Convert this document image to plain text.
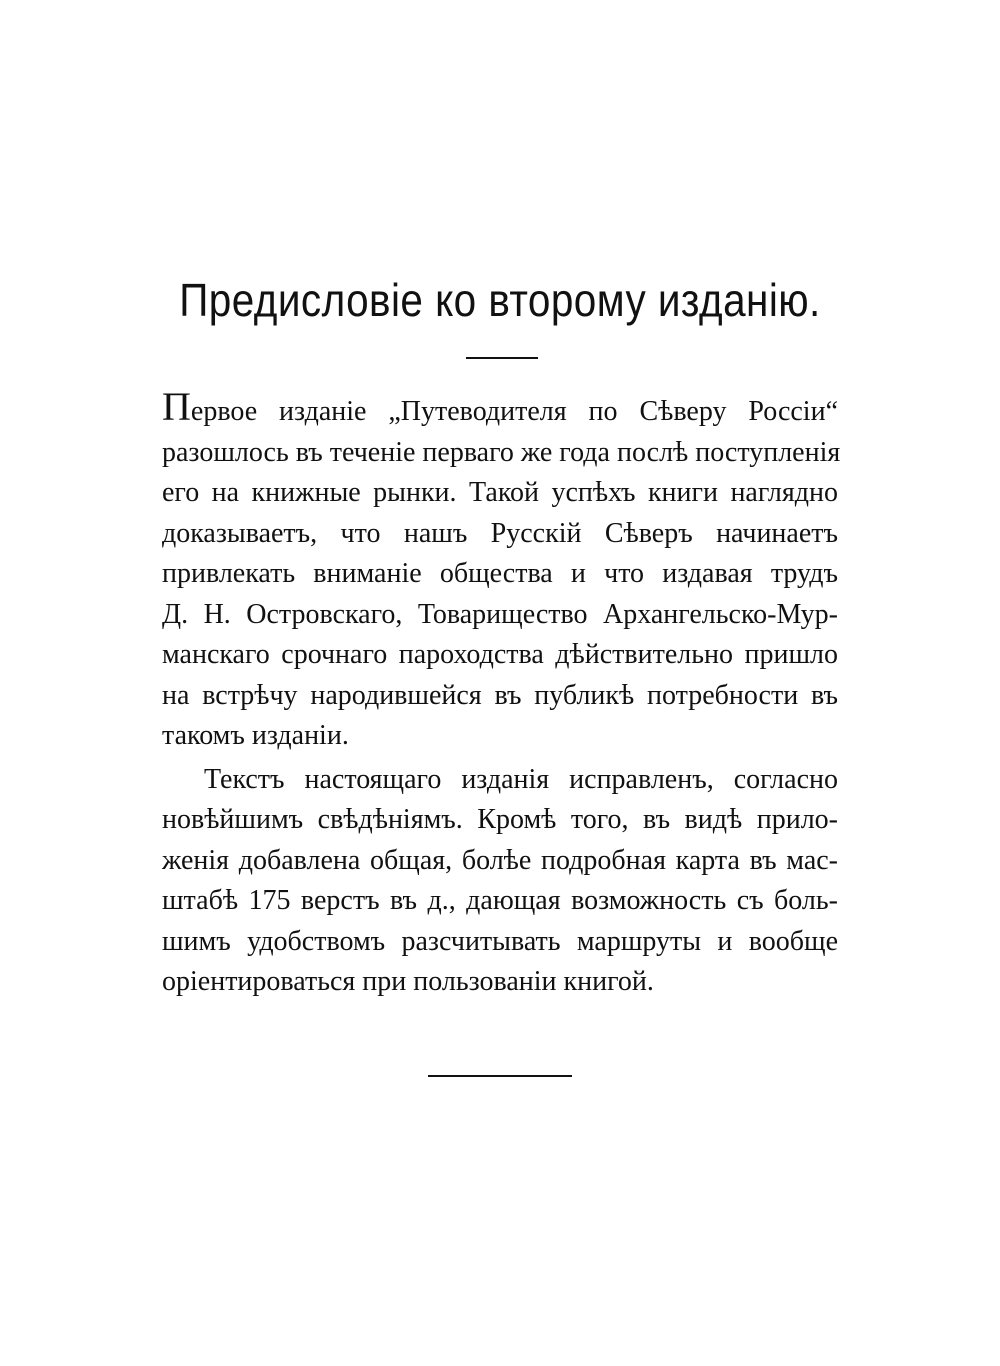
Предисловіе ко второму изданію.

Первое изданіе „Путеводителя по Сѣверу Россіи“
разошлось въ теченіе перваго же года послѣ поступленія
его на книжные рынки. Такой успѣхъ книги наглядно
доказываетъ, что нашъ Русскій Сѣверъ начинаетъ
привлекать вниманіе общества и что издавая трудъ
Д. Н. Островскаго, Товарищество Архангельско-Мур-
манскаго срочнаго пароходства дѣйствительно пришло
на встрѣчу народившейся въ публикѣ потребности въ
такомъ изданіи.

Текстъ настоящаго изданія исправленъ, согласно
новѣйшимъ свѣдѣніямъ. Кромѣ того, въ видѣ прило-
женія добавлена общая, болѣе подробная карта въ мас-
штабѣ 175 верстъ въ д., дающая возможность съ боль-
шимъ удобствомъ разсчитывать маршруты и вообще
оріентироваться при пользованіи книгой.
